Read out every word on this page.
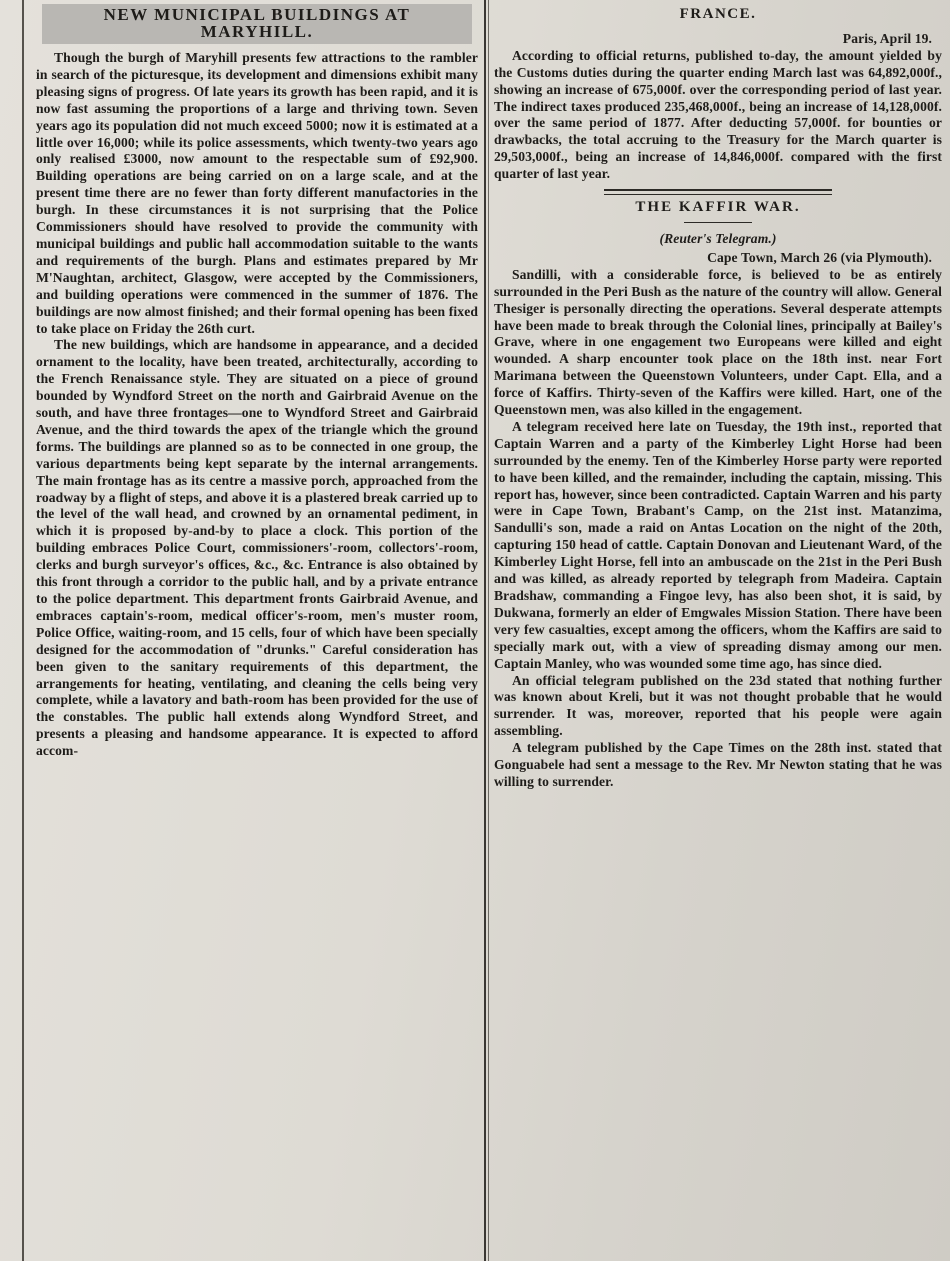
NEW MUNICIPAL BUILDINGS AT
MARYHILL.

Though the burgh of Maryhill presents few attractions to the rambler in search of the picturesque, its development and dimensions exhibit many pleasing signs of progress. Of late years its growth has been rapid, and it is now fast assuming the proportions of a large and thriving town. Seven years ago its population did not much exceed 5000; now it is estimated at a little over 16,000; while its police assessments, which twenty-two years ago only realised £3000, now amount to the respectable sum of £92,900. Building operations are being carried on on a large scale, and at the present time there are no fewer than forty different manufactories in the burgh. In these circumstances it is not surprising that the Police Commissioners should have resolved to provide the community with municipal buildings and public hall accommodation suitable to the wants and requirements of the burgh. Plans and estimates prepared by Mr M'Naughtan, architect, Glasgow, were accepted by the Commissioners, and building operations were commenced in the summer of 1876. The buildings are now almost finished; and their formal opening has been fixed to take place on Friday the 26th curt.

The new buildings, which are handsome in appearance, and a decided ornament to the locality, have been treated, architecturally, according to the French Renaissance style. They are situated on a piece of ground bounded by Wyndford Street on the north and Gairbraid Avenue on the south, and have three frontages—one to Wyndford Street and Gairbraid Avenue, and the third towards the apex of the triangle which the ground forms. The buildings are planned so as to be connected in one group, the various departments being kept separate by the internal arrangements. The main frontage has as its centre a massive porch, approached from the roadway by a flight of steps, and above it is a plastered break carried up to the level of the wall head, and crowned by an ornamental pediment, in which it is proposed by-and-by to place a clock. This portion of the building embraces Police Court, commissioners'-room, collectors'-room, clerks and burgh surveyor's offices, &c., &c. Entrance is also obtained by this front through a corridor to the public hall, and by a private entrance to the police department. This department fronts Gairbraid Avenue, and embraces captain's-room, medical officer's-room, men's muster room, Police Office, waiting-room, and 15 cells, four of which have been specially designed for the accommodation of "drunks." Careful consideration has been given to the sanitary requirements of this department, the arrangements for heating, ventilating, and cleaning the cells being very complete, while a lavatory and bath-room has been provided for the use of the constables. The public hall extends along Wyndford Street, and presents a pleasing and handsome appearance. It is expected to afford accom-

FRANCE.
Paris, April 19.

According to official returns, published to-day, the amount yielded by the Customs duties during the quarter ending March last was 64,892,000f., showing an increase of 675,000f. over the corresponding period of last year. The indirect taxes produced 235,468,000f., being an increase of 14,128,000f. over the same period of 1877. After deducting 57,000f. for bounties or drawbacks, the total accruing to the Treasury for the March quarter is 29,503,000f., being an increase of 14,846,000f. compared with the first quarter of last year.

THE KAFFIR WAR.
(Reuter's Telegram.)
Cape Town, March 26 (via Plymouth).

Sandilli, with a considerable force, is believed to be as entirely surrounded in the Peri Bush as the nature of the country will allow. General Thesiger is personally directing the operations. Several desperate attempts have been made to break through the Colonial lines, principally at Bailey's Grave, where in one engagement two Europeans were killed and eight wounded. A sharp encounter took place on the 18th inst. near Fort Marimana between the Queenstown Volunteers, under Capt. Ella, and a force of Kaffirs. Thirty-seven of the Kaffirs were killed. Hart, one of the Queenstown men, was also killed in the engagement.

A telegram received here late on Tuesday, the 19th inst., reported that Captain Warren and a party of the Kimberley Light Horse had been surrounded by the enemy. Ten of the Kimberley Horse party were reported to have been killed, and the remainder, including the captain, missing. This report has, however, since been contradicted. Captain Warren and his party were in Cape Town, Brabant's Camp, on the 21st inst. Matanzima, Sandulli's son, made a raid on Antas Location on the night of the 20th, capturing 150 head of cattle. Captain Donovan and Lieutenant Ward, of the Kimberley Light Horse, fell into an ambuscade on the 21st in the Peri Bush and was killed, as already reported by telegraph from Madeira. Captain Bradshaw, commanding a Fingoe levy, has also been shot, it is said, by Dukwana, formerly an elder of Emgwales Mission Station. There have been very few casualties, except among the officers, whom the Kaffirs are said to specially mark out, with a view of spreading dismay among our men. Captain Manley, who was wounded some time ago, has since died.

An official telegram published on the 23d stated that nothing further was known about Kreli, but it was not thought probable that he would surrender. It was, moreover, reported that his people were again assembling.

A telegram published by the Cape Times on the 28th inst. stated that Gonguabele had sent a message to the Rev. Mr Newton stating that he was willing to surrender.
